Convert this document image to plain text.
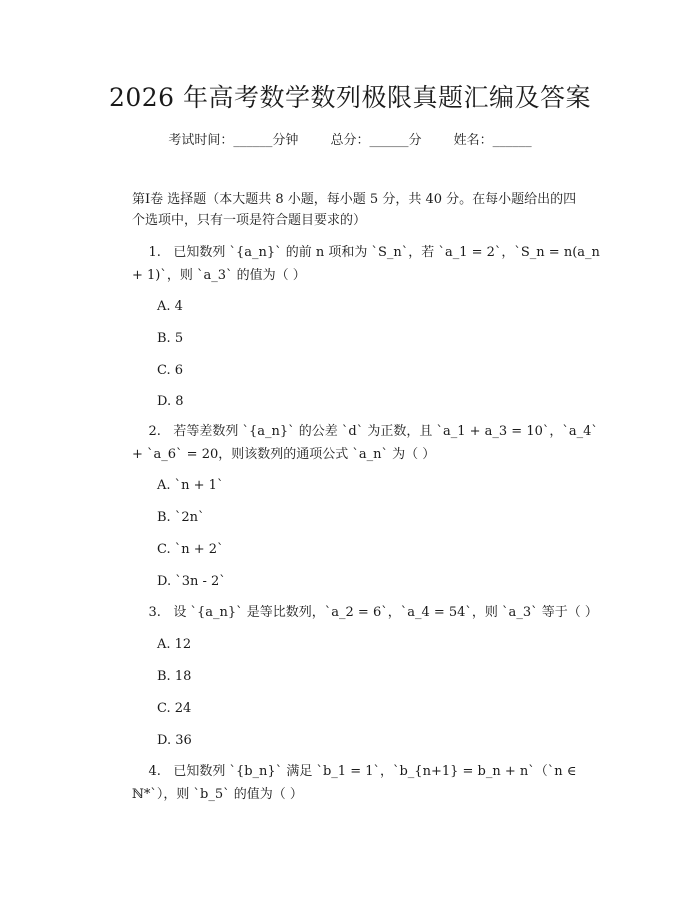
2026 年高考数学数列极限真题汇编及答案
考试时间：______分钟 总分：______分 姓名：______
第Ⅰ卷 选择题（本大题共 8 小题，每小题 5 分，共 40 分。在每小题给出的四
个选项中，只有一项是符合题目要求的）
1.   已知数列 `{a_n}` 的前 n 项和为 `S_n`，若 `a_1 = 2`，`S_n = n(a_n
+ 1)`，则 `a_3` 的值为（ ）
A. 4
B. 5
C. 6
D. 8
2.   若等差数列 `{a_n}` 的公差 `d` 为正数，且 `a_1 + a_3 = 10`，`a_4`
+ `a_6` = 20，则该数列的通项公式 `a_n` 为（ ）
A. `n + 1`
B. `2n`
C. `n + 2`
D. `3n - 2`
3.   设 `{a_n}` 是等比数列，`a_2 = 6`，`a_4 = 54`，则 `a_3` 等于（ ）
A. 12
B. 18
C. 24
D. 36
4.   已知数列 `{b_n}` 满足 `b_1 = 1`，`b_{n+1} = b_n + n`（`n ∈
ℕ*`），则 `b_5` 的值为（ ）
